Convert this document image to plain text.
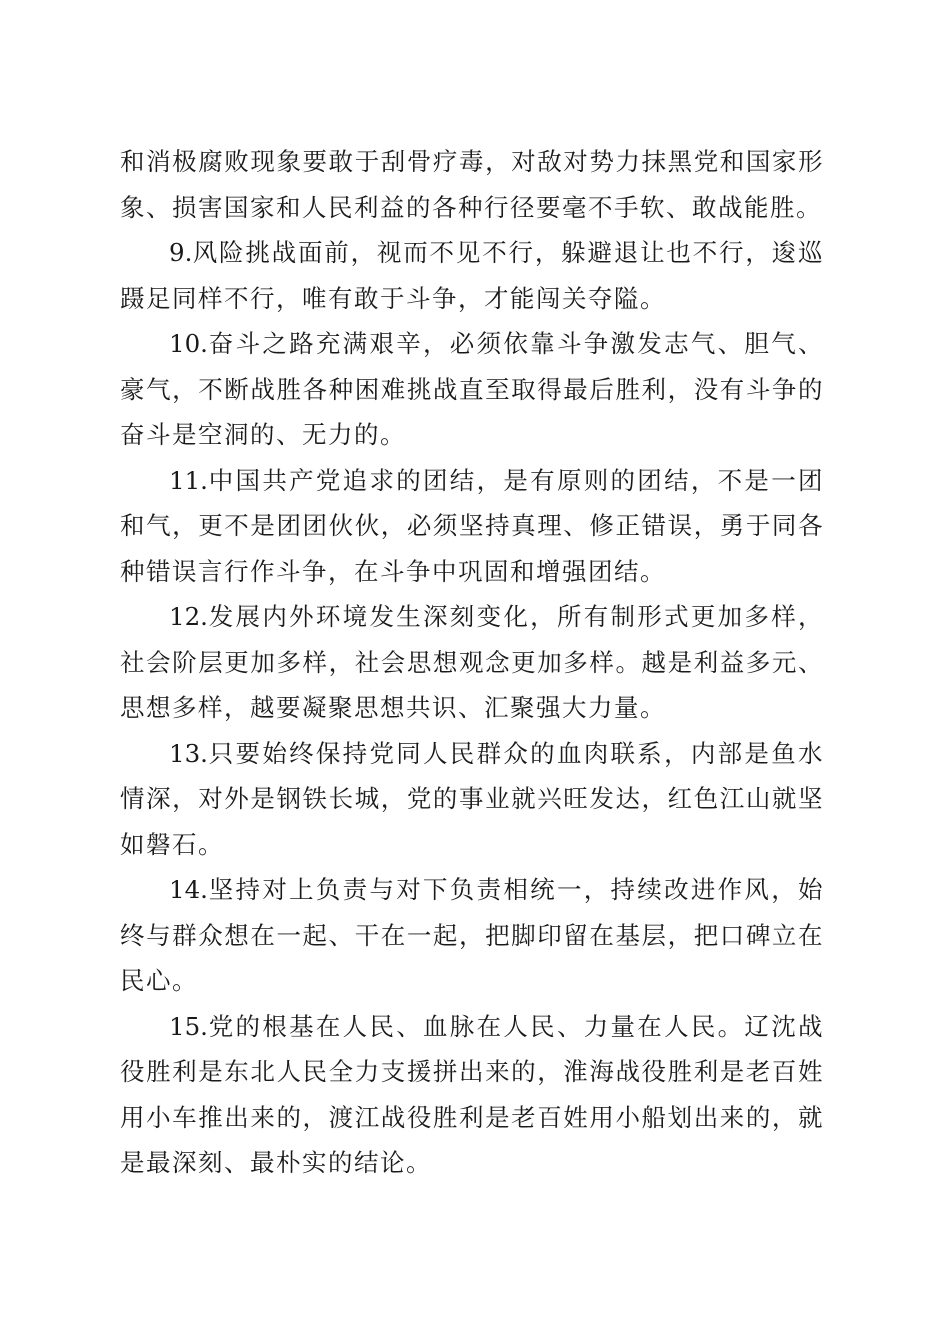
和消极腐败现象要敢于刮骨疗毒，对敌对势力抹黑党和国家形象、损害国家和人民利益的各种行径要毫不手软、敢战能胜。

9.风险挑战面前，视而不见不行，躲避退让也不行，逡巡蹑足同样不行，唯有敢于斗争，才能闯关夺隘。

10.奋斗之路充满艰辛，必须依靠斗争激发志气、胆气、豪气，不断战胜各种困难挑战直至取得最后胜利，没有斗争的奋斗是空洞的、无力的。

11.中国共产党追求的团结，是有原则的团结，不是一团和气，更不是团团伙伙，必须坚持真理、修正错误，勇于同各种错误言行作斗争，在斗争中巩固和增强团结。

12.发展内外环境发生深刻变化，所有制形式更加多样，社会阶层更加多样，社会思想观念更加多样。越是利益多元、思想多样，越要凝聚思想共识、汇聚强大力量。

13.只要始终保持党同人民群众的血肉联系，内部是鱼水情深，对外是钢铁长城，党的事业就兴旺发达，红色江山就坚如磐石。

14.坚持对上负责与对下负责相统一，持续改进作风，始终与群众想在一起、干在一起，把脚印留在基层，把口碑立在民心。

15.党的根基在人民、血脉在人民、力量在人民。辽沈战役胜利是东北人民全力支援拼出来的，淮海战役胜利是老百姓用小车推出来的，渡江战役胜利是老百姓用小船划出来的，就是最深刻、最朴实的结论。
